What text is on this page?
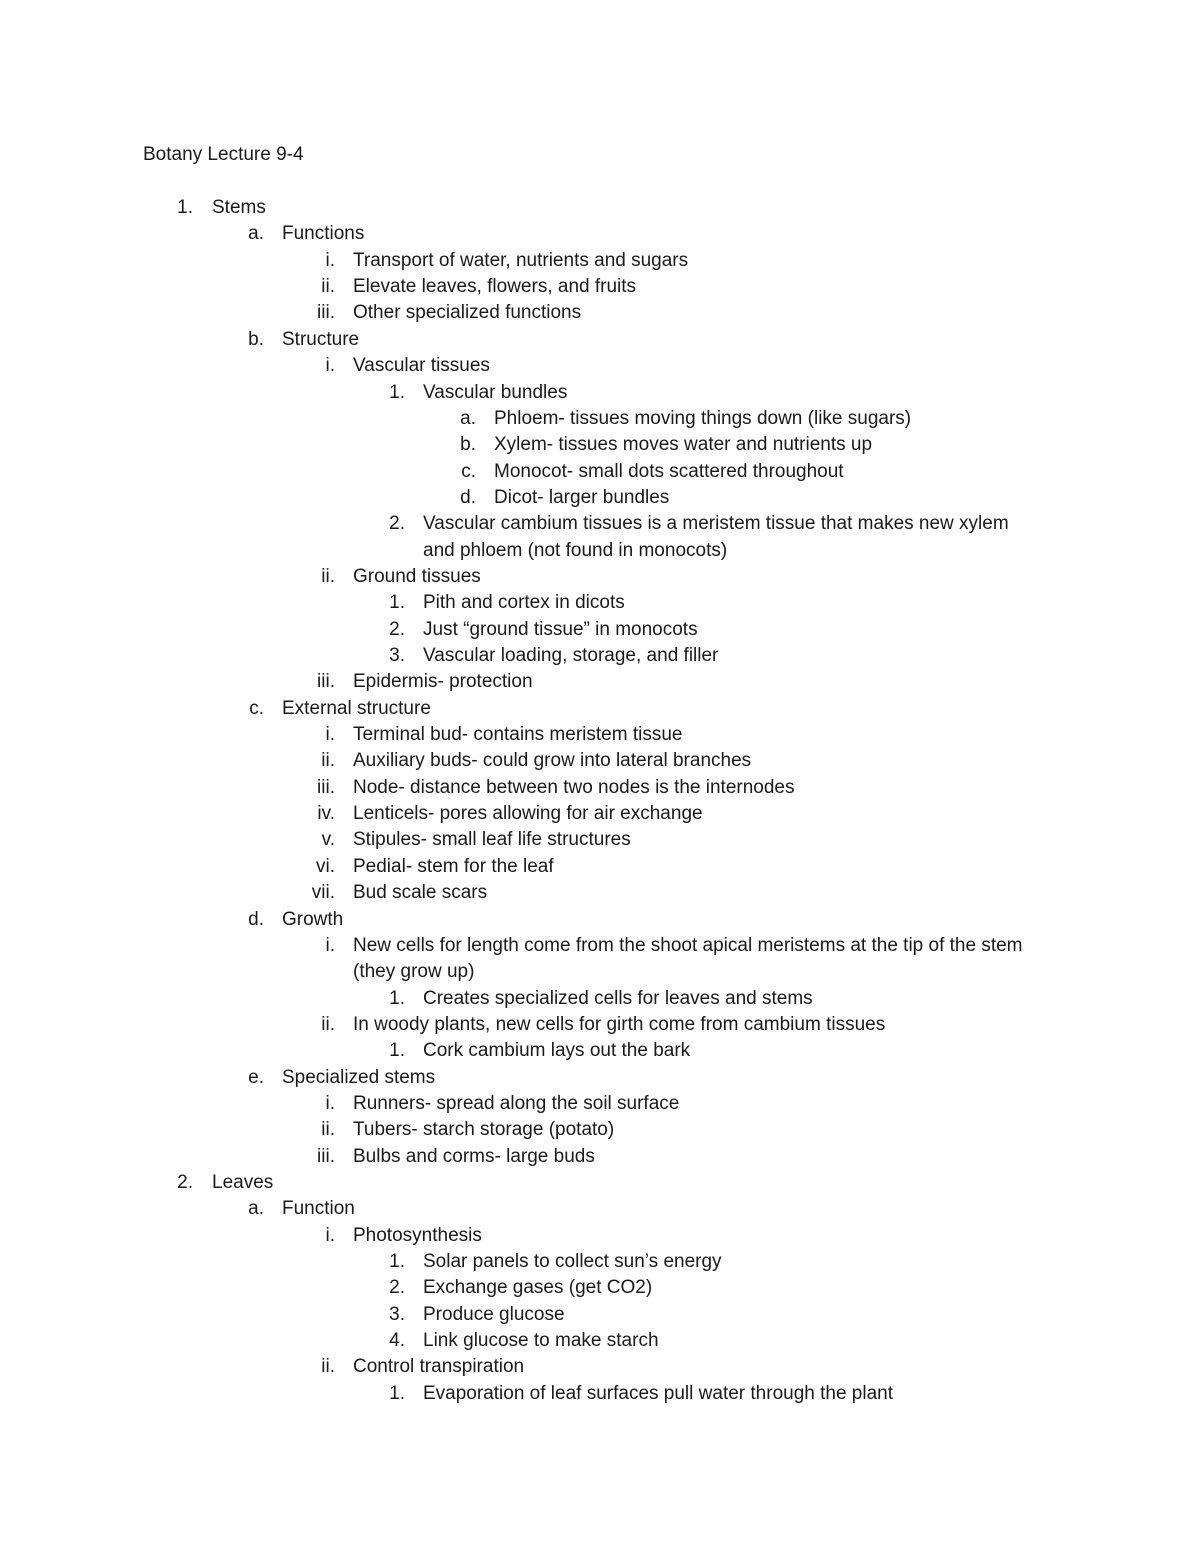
Botany Lecture 9-4
1. Stems
a. Functions
i. Transport of water, nutrients and sugars
ii. Elevate leaves, flowers, and fruits
iii. Other specialized functions
b. Structure
i. Vascular tissues
1. Vascular bundles
a. Phloem- tissues moving things down (like sugars)
b. Xylem- tissues moves water and nutrients up
c. Monocot- small dots scattered throughout
d. Dicot- larger bundles
2. Vascular cambium tissues is a meristem tissue that makes new xylem
and phloem (not found in monocots)
ii. Ground tissues
1. Pith and cortex in dicots
2. Just “ground tissue” in monocots
3. Vascular loading, storage, and filler
iii. Epidermis- protection
c. External structure
i. Terminal bud- contains meristem tissue
ii. Auxiliary buds- could grow into lateral branches
iii. Node- distance between two nodes is the internodes
iv. Lenticels- pores allowing for air exchange
v. Stipules- small leaf life structures
vi. Pedial- stem for the leaf
vii. Bud scale scars
d. Growth
i. New cells for length come from the shoot apical meristems at the tip of the stem
(they grow up)
1. Creates specialized cells for leaves and stems
ii. In woody plants, new cells for girth come from cambium tissues
1. Cork cambium lays out the bark
e. Specialized stems
i. Runners- spread along the soil surface
ii. Tubers- starch storage (potato)
iii. Bulbs and corms- large buds
2. Leaves
a. Function
i. Photosynthesis
1. Solar panels to collect sun’s energy
2. Exchange gases (get CO2)
3. Produce glucose
4. Link glucose to make starch
ii. Control transpiration
1. Evaporation of leaf surfaces pull water through the plant
